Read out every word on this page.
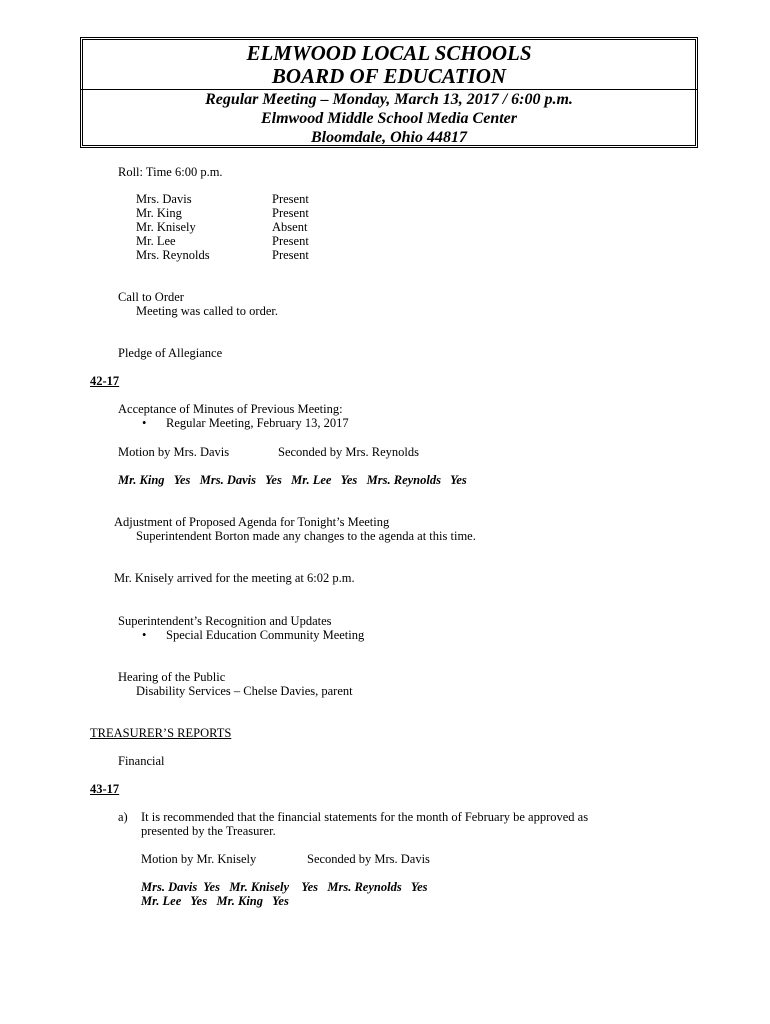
ELMWOOD LOCAL SCHOOLS
BOARD OF EDUCATION
Regular Meeting – Monday, March 13, 2017 / 6:00 p.m.
Elmwood Middle School Media Center
Bloomdale, Ohio 44817
Roll: Time 6:00 p.m.
Mrs. Davis	Present
Mr. King	Present
Mr. Knisely	Absent
Mr. Lee	Present
Mrs. Reynolds	Present
Call to Order
Meeting was called to order.
Pledge of Allegiance
42-17
Acceptance of Minutes of Previous Meeting:
• Regular Meeting, February 13, 2017
Motion by Mrs. Davis	Seconded by Mrs. Reynolds
Mr. King   Yes   Mrs. Davis   Yes   Mr. Lee   Yes   Mrs. Reynolds   Yes
Adjustment of Proposed Agenda for Tonight’s Meeting
Superintendent Borton made any changes to the agenda at this time.
Mr. Knisely arrived for the meeting at 6:02 p.m.
Superintendent’s Recognition and Updates
• Special Education Community Meeting
Hearing of the Public
Disability Services – Chelse Davies, parent
TREASURER’S REPORTS
Financial
43-17
a) It is recommended that the financial statements for the month of February be approved as
presented by the Treasurer.
Motion by Mr. Knisely	Seconded by Mrs. Davis
Mrs. Davis  Yes   Mr. Knisely    Yes   Mrs. Reynolds   Yes
Mr. Lee   Yes   Mr. King   Yes
